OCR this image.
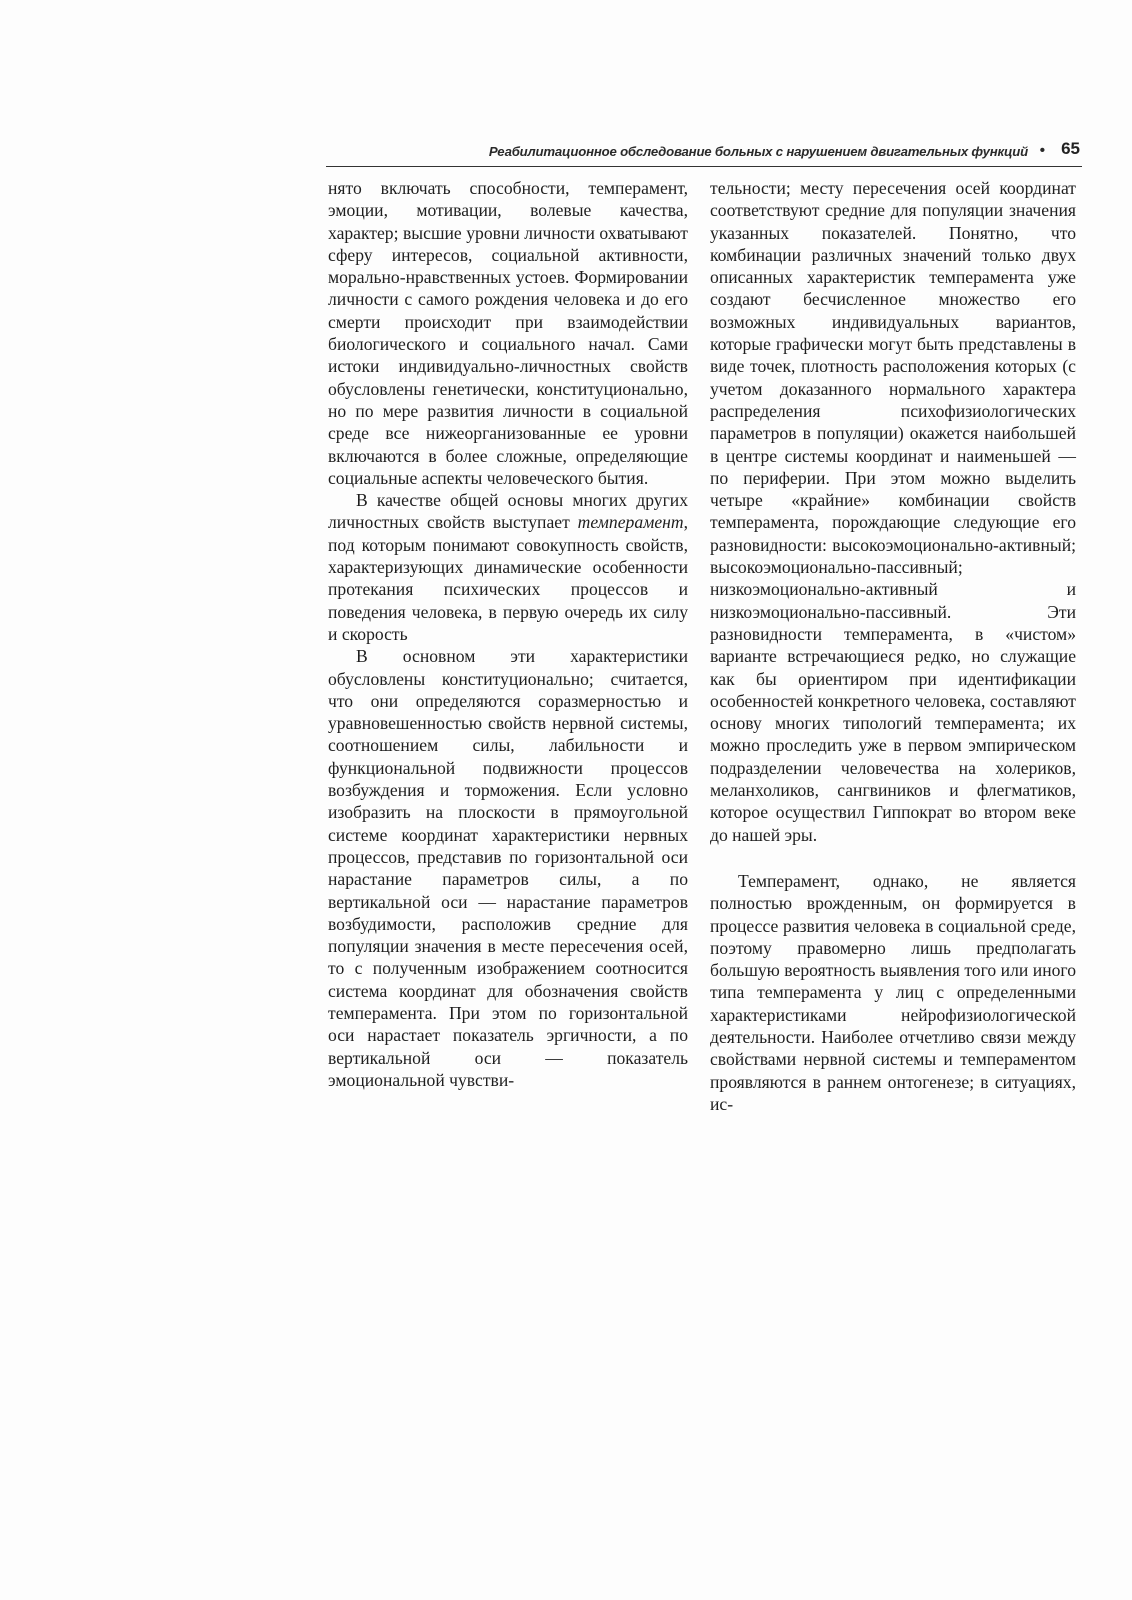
Реабилитационное обследование больных с нарушением двигательных функций • 65

нято включать способности, темперамент, эмоции, мотивации, волевые качества, характер; высшие уровни личности охватывают сферу интересов, социальной активности, морально-нравственных устоев. Формировании личности с самого рождения человека и до его смерти происходит при взаимодействии биологического и социального начал. Сами истоки индивидуально-личностных свойств обусловлены генетически, конституционально, но по мере развития личности в социальной среде все нижеорганизованные ее уровни включаются в более сложные, определяющие социальные аспекты человеческого бытия.

В качестве общей основы многих других личностных свойств выступает темперамент, под которым понимают совокупность свойств, характеризующих динамические особенности протекания психических процессов и поведения человека, в первую очередь их силу и скорость

В основном эти характеристики обусловлены конституционально; считается, что они определяются соразмерностью и уравновешенностью свойств нервной системы, соотношением силы, лабильности и функциональной подвижности процессов возбуждения и торможения. Если условно изобразить на плоскости в прямоугольной системе координат характеристики нервных процессов, представив по горизонтальной оси нарастание параметров силы, а по вертикальной оси — нарастание параметров возбудимости, расположив средние для популяции значения в месте пересечения осей, то с полученным изображением соотносится система координат для обозначения свойств темперамента. При этом по горизонтальной оси нарастает показатель эргичности, а по вертикальной оси — показатель эмоциональной чувстви-

тельности; месту пересечения осей координат соответствуют средние для популяции значения указанных показателей. Понятно, что комбинации различных значений только двух описанных характеристик темперамента уже создают бесчисленное множество его возможных индивидуальных вариантов, которые графически могут быть представлены в виде точек, плотность расположения которых (с учетом доказанного нормального характера распределения психофизиологических параметров в популяции) окажется наибольшей в центре системы координат и наименьшей — по периферии. При этом можно выделить четыре «крайние» комбинации свойств темперамента, порождающие следующие его разновидности: высокоэмоционально-активный; высокоэмоционально-пассивный; низкоэмоционально-активный и низкоэмоционально-пассивный. Эти разновидности темперамента, в «чистом» варианте встречающиеся редко, но служащие как бы ориентиром при идентификации особенностей конкретного человека, составляют основу многих типологий темперамента; их можно проследить уже в первом эмпирическом подразделении человечества на холериков, меланхоликов, сангвиников и флегматиков, которое осуществил Гиппократ во втором веке до нашей эры.

Темперамент, однако, не является полностью врожденным, он формируется в процессе развития человека в социальной среде, поэтому правомерно лишь предполагать большую вероятность выявления того или иного типа темперамента у лиц с определенными характеристиками нейрофизиологической деятельности. Наиболее отчетливо связи между свойствами нервной системы и темпераментом проявляются в раннем онтогенезе; в ситуациях, ис-
